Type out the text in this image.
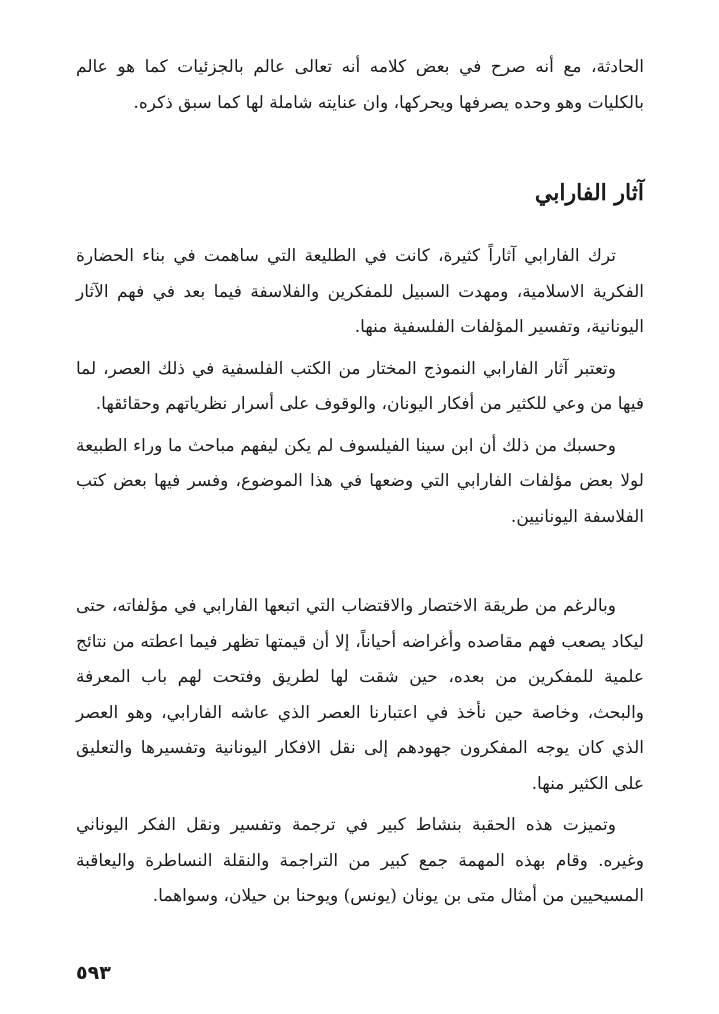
الحادثة، مع أنه صرح في بعض كلامه أنه تعالى عالم بالجزئيات كما هو عالم بالكليات وهو وحده يصرفها ويحركها، وان عنايته شاملة لها كما سبق ذكره.

آثار الفارابي

ترك الفارابي آثاراً كثيرة، كانت في الطليعة التي ساهمت في بناء الحضارة الفكرية الاسلامية، ومهدت السبيل للمفكرين والفلاسفة فيما بعد في فهم الآثار اليونانية، وتفسير المؤلفات الفلسفية منها.

وتعتبر آثار الفارابي النموذج المختار من الكتب الفلسفية في ذلك العصر، لما فيها من وعي للكثير من أفكار اليونان، والوقوف على أسرار نظرياتهم وحقائقها.

وحسبك من ذلك أن ابن سينا الفيلسوف لم يكن ليفهم مباحث ما وراء الطبيعة لولا بعض مؤلفات الفارابي التي وضعها في هذا الموضوع، وفسر فيها بعض كتب الفلاسفة اليونانيين.

وبالرغم من طريقة الاختصار والاقتضاب التي اتبعها الفارابي في مؤلفاته، حتى ليكاد يصعب فهم مقاصده وأغراضه أحياناً، إلا أن قيمتها تظهر فيما اعطته من نتائج علمية للمفكرين من بعده، حين شقت لها لطريق وفتحت لهم باب المعرفة والبحث، وخاصة حين نأخذ في اعتبارنا العصر الذي عاشه الفارابي، وهو العصر الذي كان يوجه المفكرون جهودهم إلى نقل الافكار اليونانية وتفسيرها والتعليق على الكثير منها.

وتميزت هذه الحقبة بنشاط كبير في ترجمة وتفسير ونقل الفكر اليوناني وغيره. وقام بهذه المهمة جمع كبير من التراجمة والنقلة النساطرة واليعاقبة المسيحيين من أمثال متى بن يونان (يونس) ويوحنا بن حيلان، وسواهما.

٥٩٣
